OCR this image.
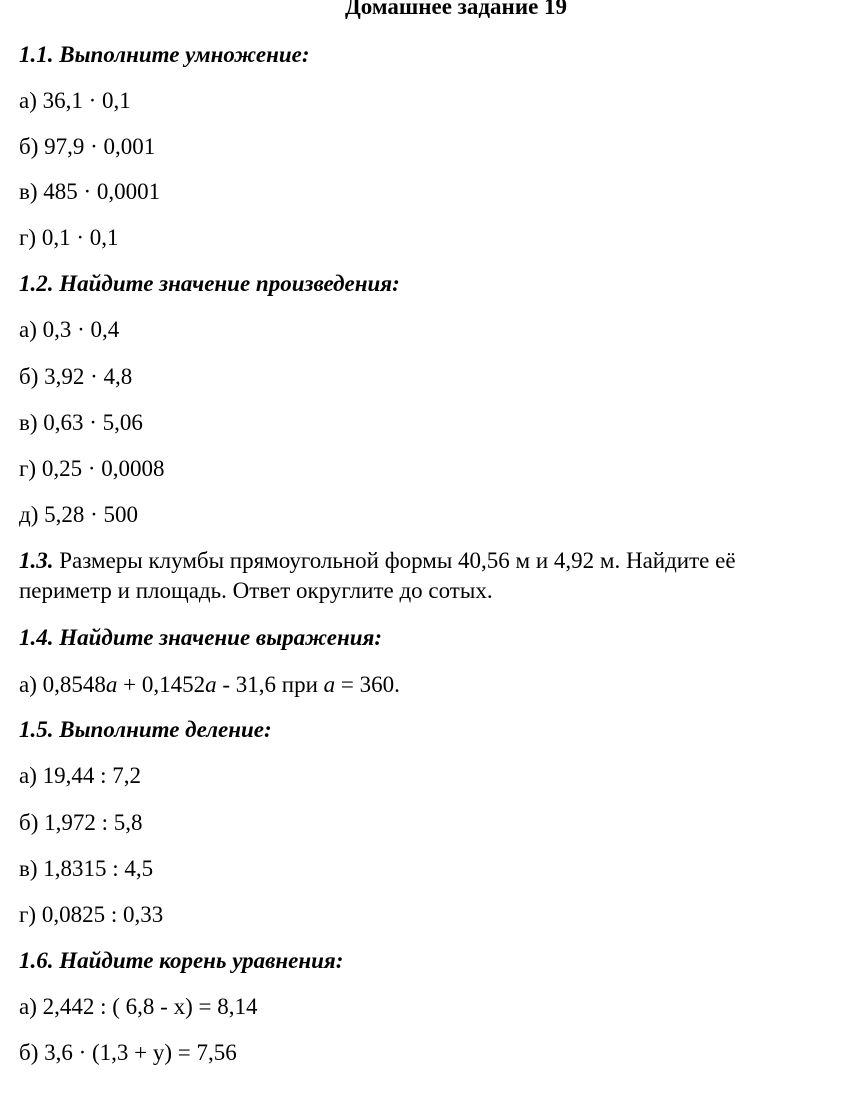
Домашнее задание 19
1.1. Выполните умножение:
а) 36,1 · 0,1
б) 97,9 · 0,001
в) 485 · 0,0001
г) 0,1 · 0,1
1.2. Найдите значение произведения:
а) 0,3 · 0,4
б) 3,92 · 4,8
в) 0,63 · 5,06
г) 0,25 · 0,0008
д) 5,28 · 500
1.3. Размеры клумбы прямоугольной формы 40,56 м и 4,92 м. Найдите её
периметр и площадь. Ответ округлите до сотых.
1.4. Найдите значение выражения:
а) 0,8548a + 0,1452a - 31,6 при a = 360.
1.5. Выполните деление:
а) 19,44 : 7,2
б) 1,972 : 5,8
в) 1,8315 : 4,5
г) 0,0825 : 0,33
1.6. Найдите корень уравнения:
а) 2,442 : ( 6,8 - х) = 8,14
б) 3,6 · (1,3 + у) = 7,56
